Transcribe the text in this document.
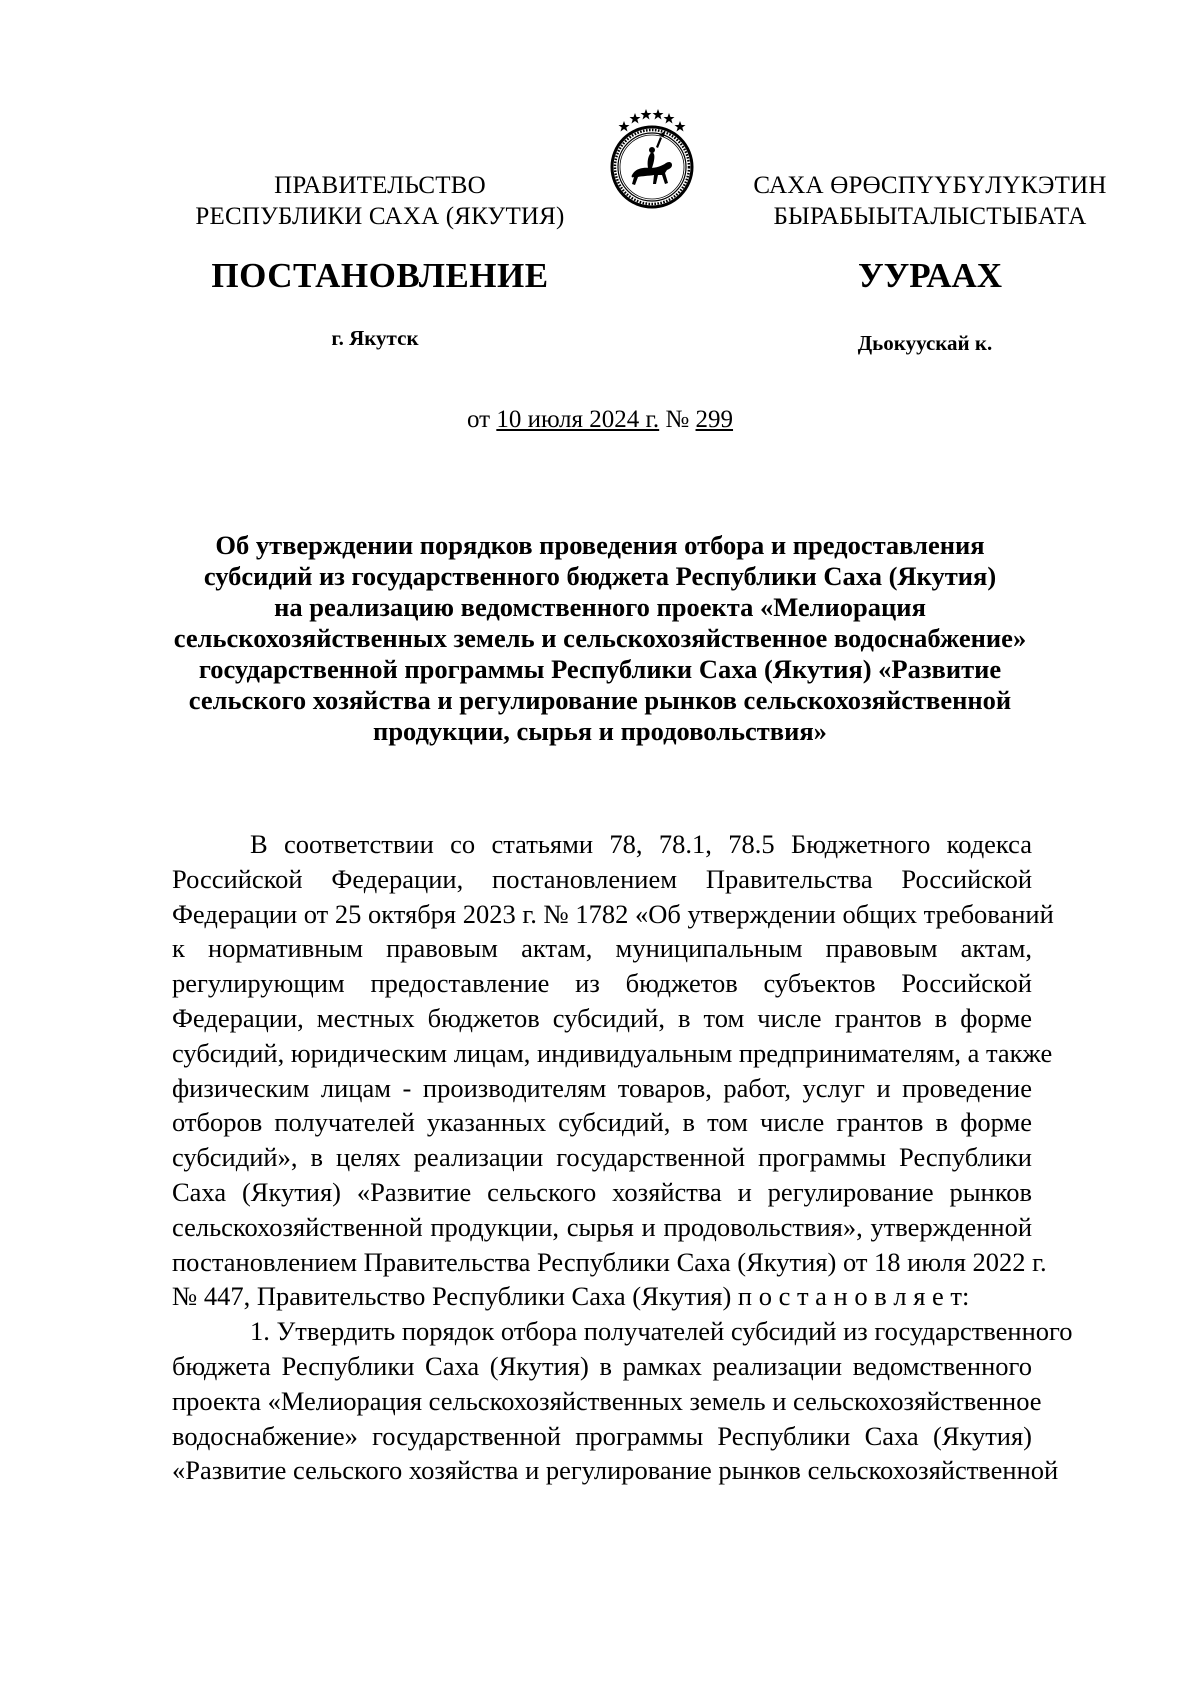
ПРАВИТЕЛЬСТВО
РЕСПУБЛИКИ САХА (ЯКУТИЯ)
САХА ӨРӨСПҮҮБҮЛҮКЭТИН
БЫРАБЫЫТАЛЫСТЫБАТА
ПОСТАНОВЛЕНИЕ	УУРААХ
г. Якутск	Дьокуускай к.
от 10 июля 2024 г. № 299
Об утверждении порядков проведения отбора и предоставления
субсидий из государственного бюджета Республики Саха (Якутия)
на реализацию ведомственного проекта «Мелиорация
сельскохозяйственных земель и сельскохозяйственное водоснабжение»
государственной программы Республики Саха (Якутия) «Развитие
сельского хозяйства и регулирование рынков сельскохозяйственной
продукции, сырья и продовольствия»
В соответствии со статьями 78, 78.1, 78.5 Бюджетного кодекса
Российской Федерации, постановлением Правительства Российской
Федерации от 25 октября 2023 г. № 1782 «Об утверждении общих требований
к нормативным правовым актам, муниципальным правовым актам,
регулирующим предоставление из бюджетов субъектов Российской
Федерации, местных бюджетов субсидий, в том числе грантов в форме
субсидий, юридическим лицам, индивидуальным предпринимателям, а также
физическим лицам - производителям товаров, работ, услуг и проведение
отборов получателей указанных субсидий, в том числе грантов в форме
субсидий», в целях реализации государственной программы Республики
Саха (Якутия) «Развитие сельского хозяйства и регулирование рынков
сельскохозяйственной продукции, сырья и продовольствия», утвержденной
постановлением Правительства Республики Саха (Якутия) от 18 июля 2022 г.
№ 447, Правительство Республики Саха (Якутия) п о с т а н о в л я е т:
1. Утвердить порядок отбора получателей субсидий из государственного
бюджета Республики Саха (Якутия) в рамках реализации ведомственного
проекта «Мелиорация сельскохозяйственных земель и сельскохозяйственное
водоснабжение» государственной программы Республики Саха (Якутия)
«Развитие сельского хозяйства и регулирование рынков сельскохозяйственной
